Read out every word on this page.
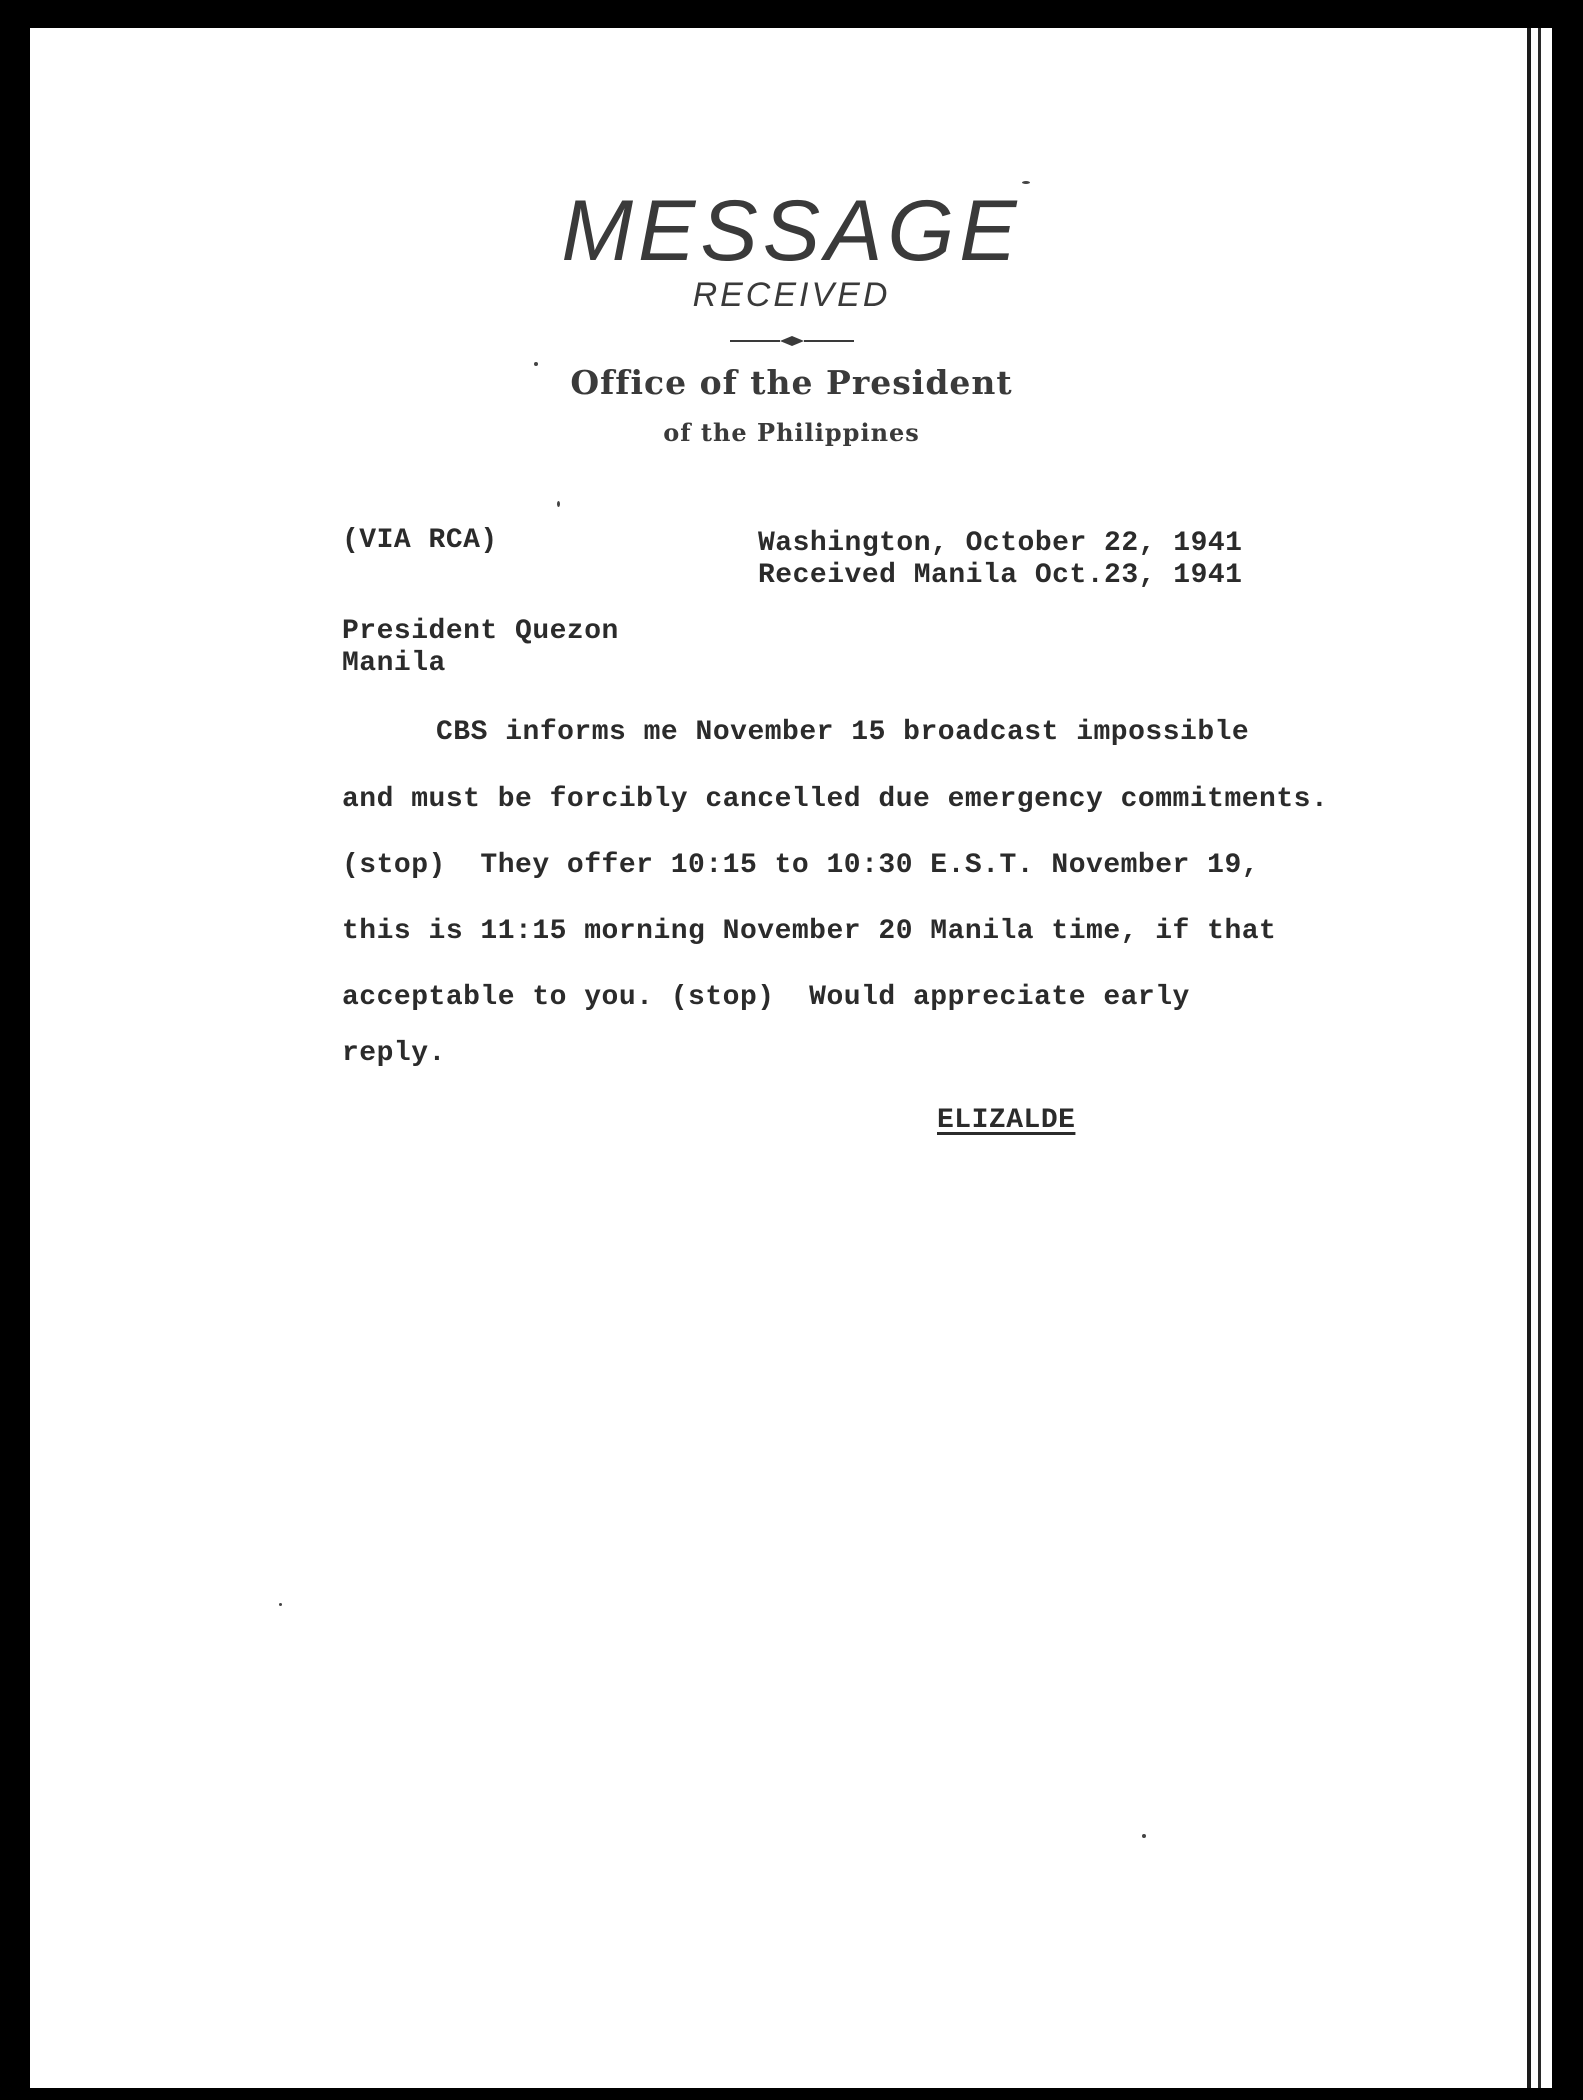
MESSAGE
RECEIVED
Office of the President
of the Philippines
(VIA RCA)	Washington, October 22, 1941
Received Manila Oct.23, 1941
President Quezon
Manila
CBS informs me November 15 broadcast impossible
and must be forcibly cancelled due emergency commitments.
(stop)  They offer 10:15 to 10:30 E.S.T. November 19,
this is 11:15 morning November 20 Manila time, if that
acceptable to you. (stop)  Would appreciate early
reply.
ELIZALDE
